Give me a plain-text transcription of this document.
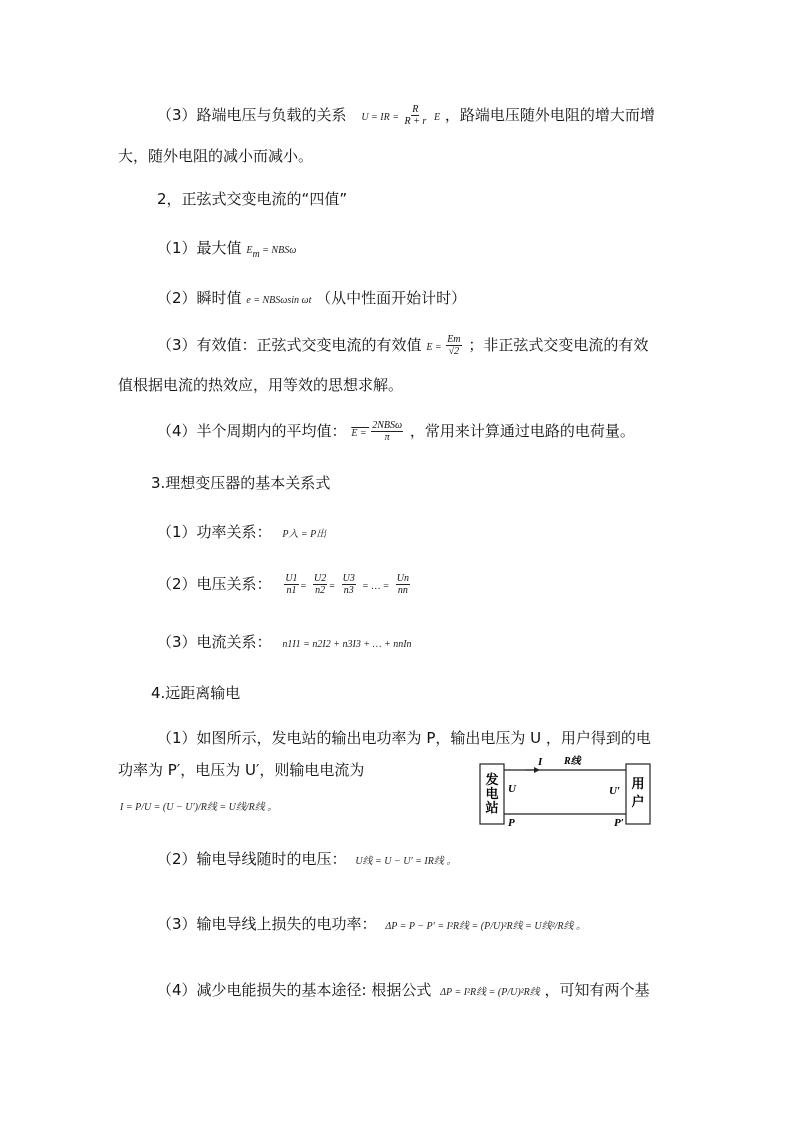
（3）路端电压与负载的关系 U = IR = $\frac{R}{R + r}$ E ，路端电压随外电阻的增大而增
大，随外电阻的减小而减小。
2，正弦式交变电流的“四值”
（1）最大值 $E_m = NBS\omega$
（2）瞬时值 e = NBSωsin ωt （从中性面开始计时）
（3）有效值：正弦式交变电流的有效值 $E = \frac{Em}{√2}$ ；非正弦式交变电流的有效
值根据电流的热效应，用等效的思想求解。
（4）半个周期内的平均值： $E = \frac{\text{2NBSω}}{\pi}$ ，常用来计算通过电路的电荷量。
3.理想变压器的基本关系式
（1）功率关系： P入 = P出
（2）电压关系： $\frac{U1}{n1} = \frac{U2}{n2} = \frac{U3}{n3}$ = … = $\frac{Un}{nn}$
（3）电流关系： n1I1 = n2I2 + n3I3 + … + nnIn
4.远距离输电
（1）如图所示，发电站的输出电功率为 P，输出电压为 U ，用户得到的电
功率为 P′，电压为 U′，则输电电流为
I = P/U = (U − U′)/R线 = U线/R线 。
发
电
站
用
户
I R线
U	U′
P	P′
（2）输电导线随时的电压： U线 = U − U′ = IR线 。
（3）输电导线上损失的电功率： ΔP = P − P′ = I²R线 = (P/U)²R线 = U线²/R线 。
（4）减少电能损失的基本途径: 根据公式 ΔP = I²R线 = (P/U)²R线 ，可知有两个基
